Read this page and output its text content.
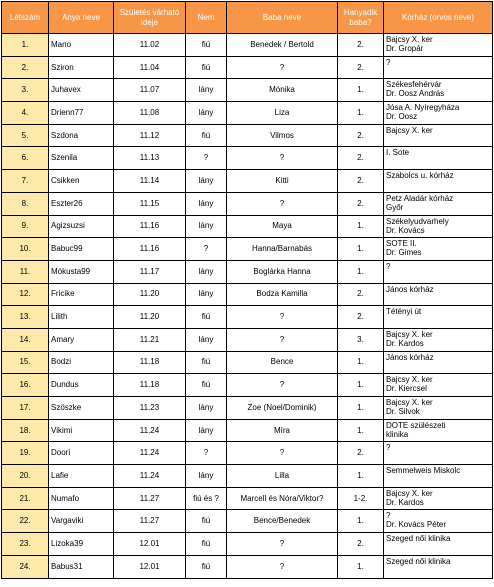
Létszám	Anya neve	Születés várható ideje	Nem	Baba neve	Hanyadik baba?	Kórház (orvos neve)
1.	Mano	11.02	fiú	Benedek / Bertold	2.	Bajcsy X. ker
Dr. Gropár

2.	Sziron	11.04	fiú	?	2.	?

3.	Juhavex	11.07	lány	Mónika	1.	Székesfehérvár
Dr. Oosz András

4.	Drienn77	11.08	lány	Liza	1.	Jósa A. Nyíregyháza
Dr. Oosz

5.	Szdona	11.12	fiú	Vilmos	2.	Bajcsy X. ker

6.	Szenila	11.13	?	?	2.	I. Sote

7.	Csikken	11.14	lány	Kitti	2.	Szabolcs u. kórház

8.	Eszter26	11.15	lány	?	2.	Petz Aladár kórház
Győr

9.	Agizsuzsi	11.16	lány	Maya	1.	Székelyudvarhely
Dr. Kovács

10.	Babuc99	11.16	?	Hanna/Barnabás	1.	SOTE II.
Dr. Gimes

11.	Mókusta99	11.17	lány	Boglárka Hanna	1.	?

12.	Fricike	11.20	lány	Bodza Kamilla	2.	János kórház

13.	Lilith	11.20	fiú	?	2.	Tétényi út

14.	Amary	11.21	lány	?	3.	Bajcsy X. ker
Dr. Kardos

15.	Bodzi	11.18	fiú	Bence	1.	János kórház

16.	Dundus	11.18	fiú	?	1.	Bajcsy X. ker
Dr. Kiercsel

17.	Szöszke	11.23	lány	Zoe (Noel/Dominik)	1.	Bajcsy X. ker
Dr. Silvok

18.	Vikimi	11.24	lány	Míra	1.	DOTE szülészeti
klinika

19.	Doori	11.24	?	?	2.	?

20.	Lafie	11.24	lány	Lilla	1.	Semmelweis Miskolc

21.	Numafo	11.27	fiú és ?	Marcell és Nóra/Viktor?	1-2.	Bajcsy X. ker
Dr. Kardos

22.	Vargaviki	11.27	fiú	Bence/Benedek	1.	?
Dr. Kovács Péter

23.	Lizoka39	12.01	fiú	?	2.	Szeged női klinika

24.	Babus31	12.01	fiú	?	1.	Szeged női klinika
